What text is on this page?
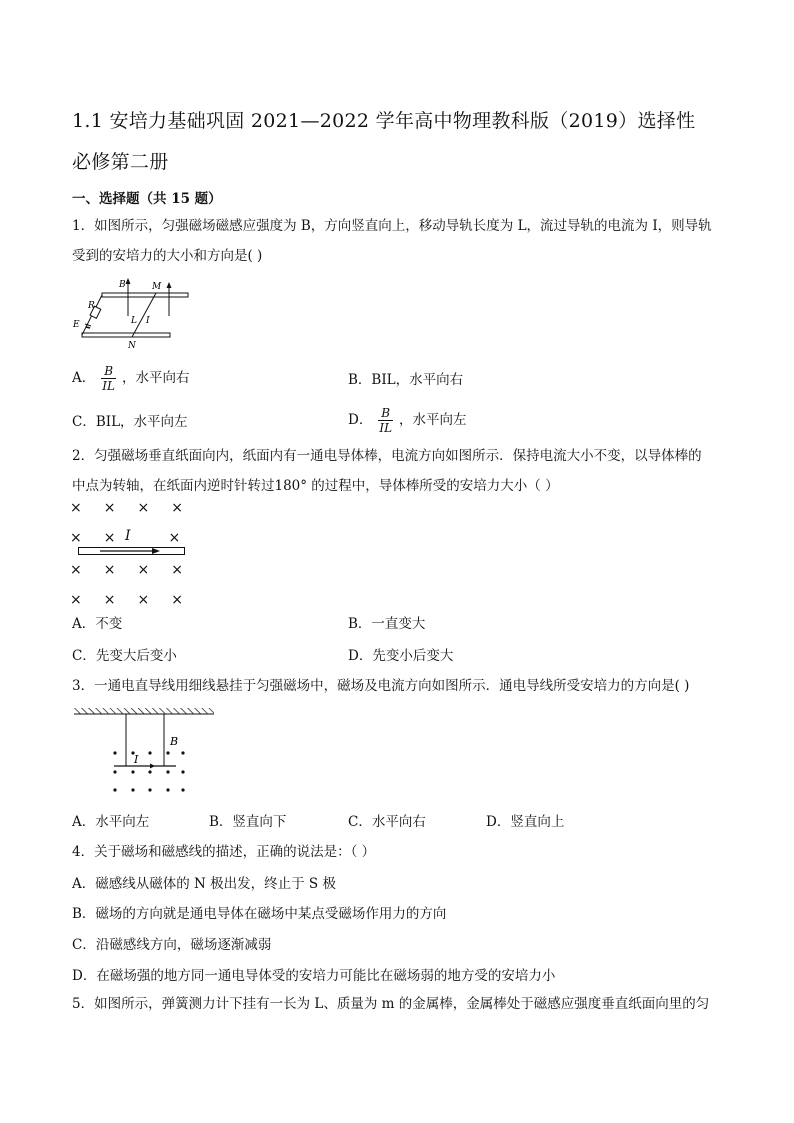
1.1 安培力基础巩固 2021—2022 学年高中物理教科版（2019）选择性
必修第二册
一、选择题（共 15 题）
1．如图所示，匀强磁场磁感应强度为 B，方向竖直向上，移动导轨长度为 L，流过导轨的电流为 I，则导轨
受到的安培力的大小和方向是( )
B	M
R
E	L I
N
A． $\frac{B}{IL}$ ，水平向右	B．BIL，水平向右
C．BIL，水平向左	D． $\frac{B}{IL}$ ，水平向左
2．匀强磁场垂直纸面向内，纸面内有一通电导体棒，电流方向如图所示．保持电流大小不变，以导体棒的
中点为转轴，在纸面内逆时针转过180° 的过程中，导体棒所受的安培力大小（ ）
× × × ×
× ×	×
I
× × × ×
× × × ×
A．不变	B．一直变大
C．先变大后变小	D．先变小后变大
3．一通电直导线用细线悬挂于匀强磁场中，磁场及电流方向如图所示．通电导线所受安培力的方向是( )
B
I
A．水平向左	B．竖直向下	C．水平向右	D．竖直向上
4．关于磁场和磁感线的描述，正确的说法是：（ ）
A．磁感线从磁体的 N 极出发，终止于 S 极
B．磁场的方向就是通电导体在磁场中某点受磁场作用力的方向
C．沿磁感线方向，磁场逐渐减弱
D．在磁场强的地方同一通电导体受的安培力可能比在磁场弱的地方受的安培力小
5．如图所示，弹簧测力计下挂有一长为 L、质量为 m 的金属棒，金属棒处于磁感应强度垂直纸面向里的匀
